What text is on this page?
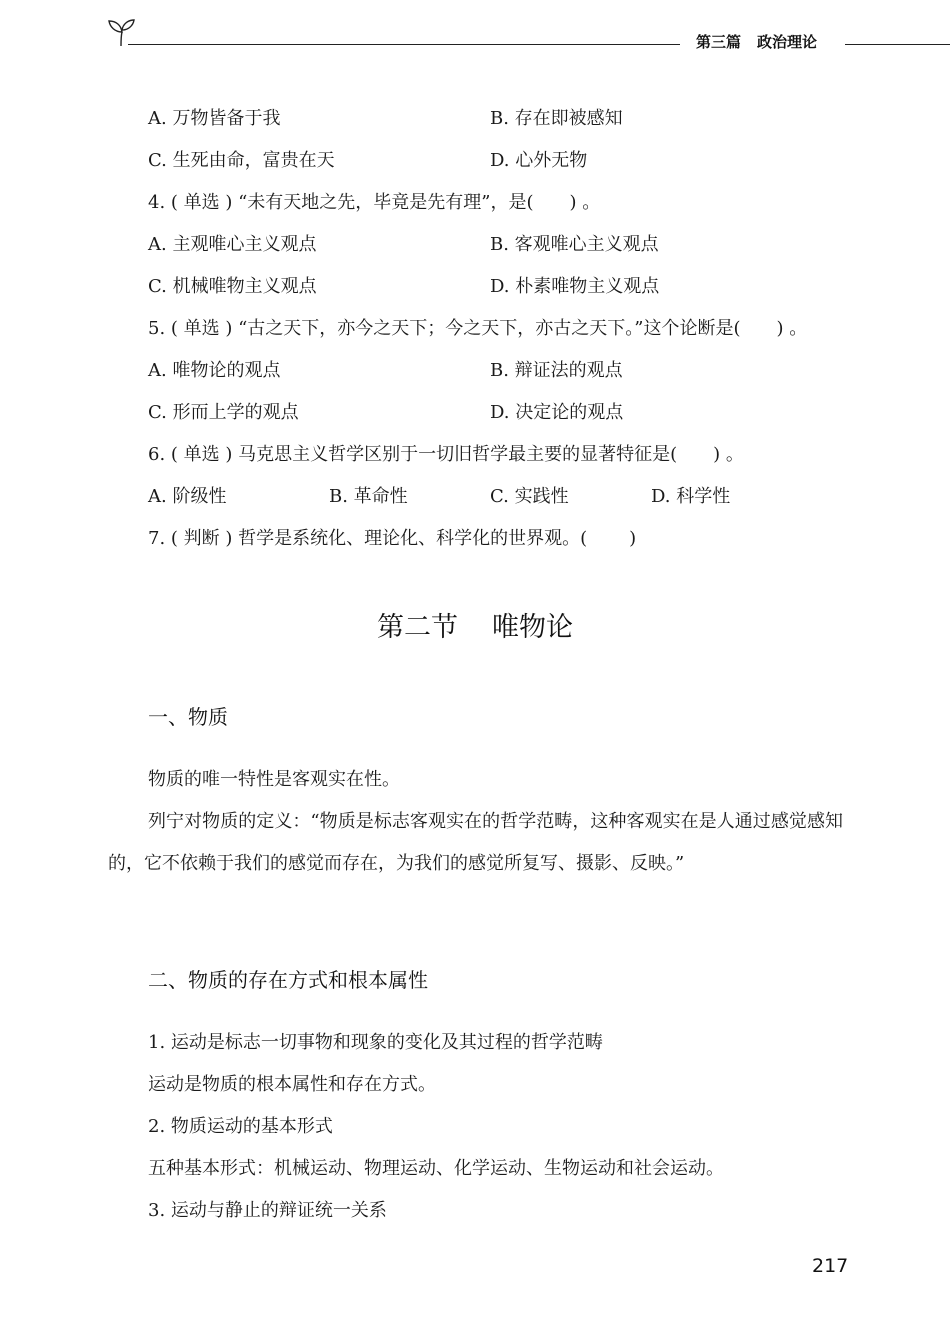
第三篇 政治理论
A. 万物皆备于我	B. 存在即被感知
C. 生死由命，富贵在天	D. 心外无物
4. ( 单选 ) “未有天地之先，毕竟是先有理”，是( ) 。
A. 主观唯心主义观点	B. 客观唯心主义观点
C. 机械唯物主义观点	D. 朴素唯物主义观点
5. ( 单选 ) “古之天下，亦今之天下；今之天下，亦古之天下。”这个论断是( ) 。
A. 唯物论的观点	B. 辩证法的观点
C. 形而上学的观点	D. 决定论的观点
6. ( 单选 ) 马克思主义哲学区别于一切旧哲学最主要的显著特征是( ) 。
A. 阶级性	B. 革命性	C. 实践性	D. 科学性
7. ( 判断 ) 哲学是系统化、理论化、科学化的世界观。( )
第二节 唯物论
一、物质
物质的唯一特性是客观实在性。
列宁对物质的定义：“物质是标志客观实在的哲学范畴，这种客观实在是人通过感觉感知的，它不依赖于我们的感觉而存在，为我们的感觉所复写、摄影、反映。”
二、物质的存在方式和根本属性
1. 运动是标志一切事物和现象的变化及其过程的哲学范畴
运动是物质的根本属性和存在方式。
2. 物质运动的基本形式
五种基本形式：机械运动、物理运动、化学运动、生物运动和社会运动。
3. 运动与静止的辩证统一关系
217
